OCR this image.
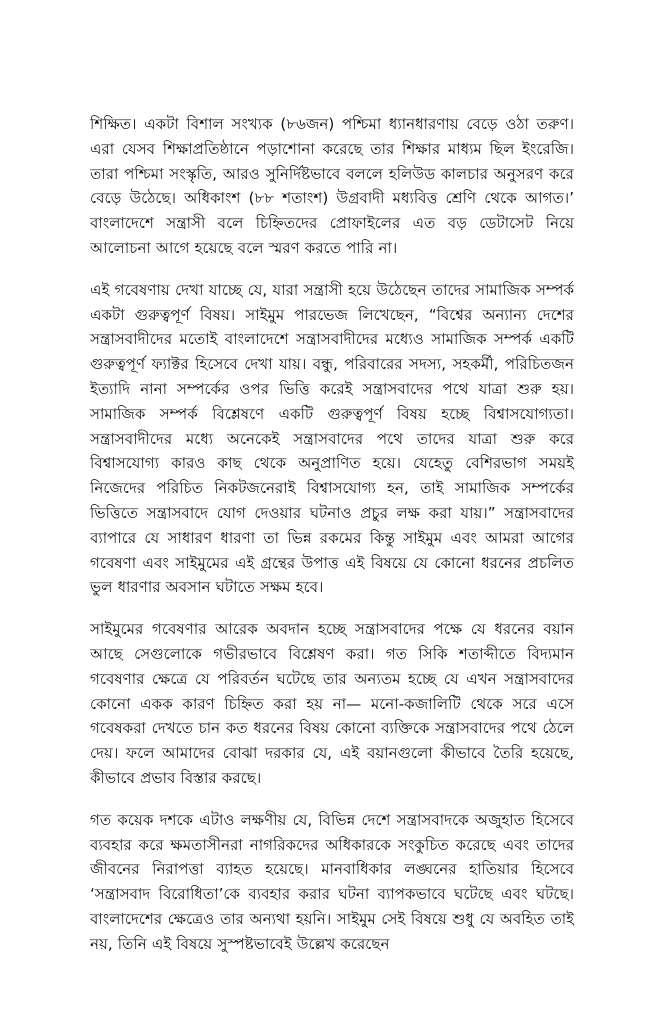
শিক্ষিত। একটা বিশাল সংখ্যক (৮৬জন) পশ্চিমা ধ্যানধারণায় বেড়ে ওঠা তরুণ। এরা যেসব শিক্ষাপ্রতিষ্ঠানে পড়াশোনা করেছে তার শিক্ষার মাধ্যম ছিল ইংরেজি। তারা পশ্চিমা সংস্কৃতি, আরও সুনির্দিষ্টভাবে বললে হলিউড কালচার অনুসরণ করে বেড়ে উঠেছে। অধিকাংশ (৮৮ শতাংশ) উগ্রবাদী মধ্যবিত্ত শ্রেণি থেকে আগত।’ বাংলাদেশে সন্ত্রাসী বলে চিহ্নিতদের প্রোফাইলের এত বড় ডেটাসেট নিয়ে আলোচনা আগে হয়েছে বলে স্মরণ করতে পারি না।

এই গবেষণায় দেখা যাচ্ছে যে, যারা সন্ত্রাসী হয়ে উঠেছেন তাদের সামাজিক সম্পর্ক একটা গুরুত্বপূর্ণ বিষয়। সাইমুম পারভেজ লিখেছেন, “বিশ্বের অন্যান্য দেশের সন্ত্রাসবাদীদের মতোই বাংলাদেশে সন্ত্রাসবাদীদের মধ্যেও সামাজিক সম্পর্ক একটি গুরুত্বপূর্ণ ফ্যাক্টর হিসেবে দেখা যায়। বন্ধু, পরিবারের সদস্য, সহকর্মী, পরিচিতজন ইত্যাদি নানা সম্পর্কের ওপর ভিত্তি করেই সন্ত্রাসবাদের পথে যাত্রা শুরু হয়। সামাজিক সম্পর্ক বিশ্লেষণে একটি গুরুত্বপূর্ণ বিষয় হচ্ছে বিশ্বাসযোগ্যতা। সন্ত্রাসবাদীদের মধ্যে অনেকেই সন্ত্রাসবাদের পথে তাদের যাত্রা শুরু করে বিশ্বাসযোগ্য কারও কাছ থেকে অনুপ্রাণিত হয়ে। যেহেতু বেশিরভাগ সময়ই নিজেদের পরিচিত নিকটজনেরাই বিশ্বাসযোগ্য হন, তাই সামাজিক সম্পর্কের ভিত্তিতে সন্ত্রাসবাদে যোগ দেওয়ার ঘটনাও প্রচুর লক্ষ করা যায়।” সন্ত্রাসবাদের ব্যাপারে যে সাধারণ ধারণা তা ভিন্ন রকমের কিন্তু সাইমুম এবং আমরা আগের গবেষণা এবং সাইমুমের এই গ্রন্থের উপাত্ত এই বিষয়ে যে কোনো ধরনের প্রচলিত ভুল ধারণার অবসান ঘটাতে সক্ষম হবে।

সাইমুমের গবেষণার আরেক অবদান হচ্ছে সন্ত্রাসবাদের পক্ষে যে ধরনের বয়ান আছে সেগুলোকে গভীরভাবে বিশ্লেষণ করা। গত সিকি শতাব্দীতে বিদ্যমান গবেষণার ক্ষেত্রে যে পরিবর্তন ঘটেছে তার অন্যতম হচ্ছে যে এখন সন্ত্রাসবাদের কোনো একক কারণ চিহ্নিত করা হয় না— মনো-কজালিটি থেকে সরে এসে গবেষকরা দেখতে চান কত ধরনের বিষয় কোনো ব্যক্তিকে সন্ত্রাসবাদের পথে ঠেলে দেয়। ফলে আমাদের বোঝা দরকার যে, এই বয়ানগুলো কীভাবে তৈরি হয়েছে, কীভাবে প্রভাব বিস্তার করছে।

গত কয়েক দশকে এটাও লক্ষণীয় যে, বিভিন্ন দেশে সন্ত্রাসবাদকে অজুহাত হিসেবে ব্যবহার করে ক্ষমতাসীনরা নাগরিকদের অধিকারকে সংকুচিত করেছে এবং তাদের জীবনের নিরাপত্তা ব্যাহত হয়েছে। মানবাধিকার লঙ্ঘনের হাতিয়ার হিসেবে ‘সন্ত্রাসবাদ বিরোধিতা’কে ব্যবহার করার ঘটনা ব্যাপকভাবে ঘটেছে এবং ঘটছে। বাংলাদেশের ক্ষেত্রেও তার অন্যথা হয়নি। সাইমুম সেই বিষয়ে শুধু যে অবহিত তাই নয়, তিনি এই বিষয়ে সুস্পষ্টভাবেই উল্লেখ করেছেন
